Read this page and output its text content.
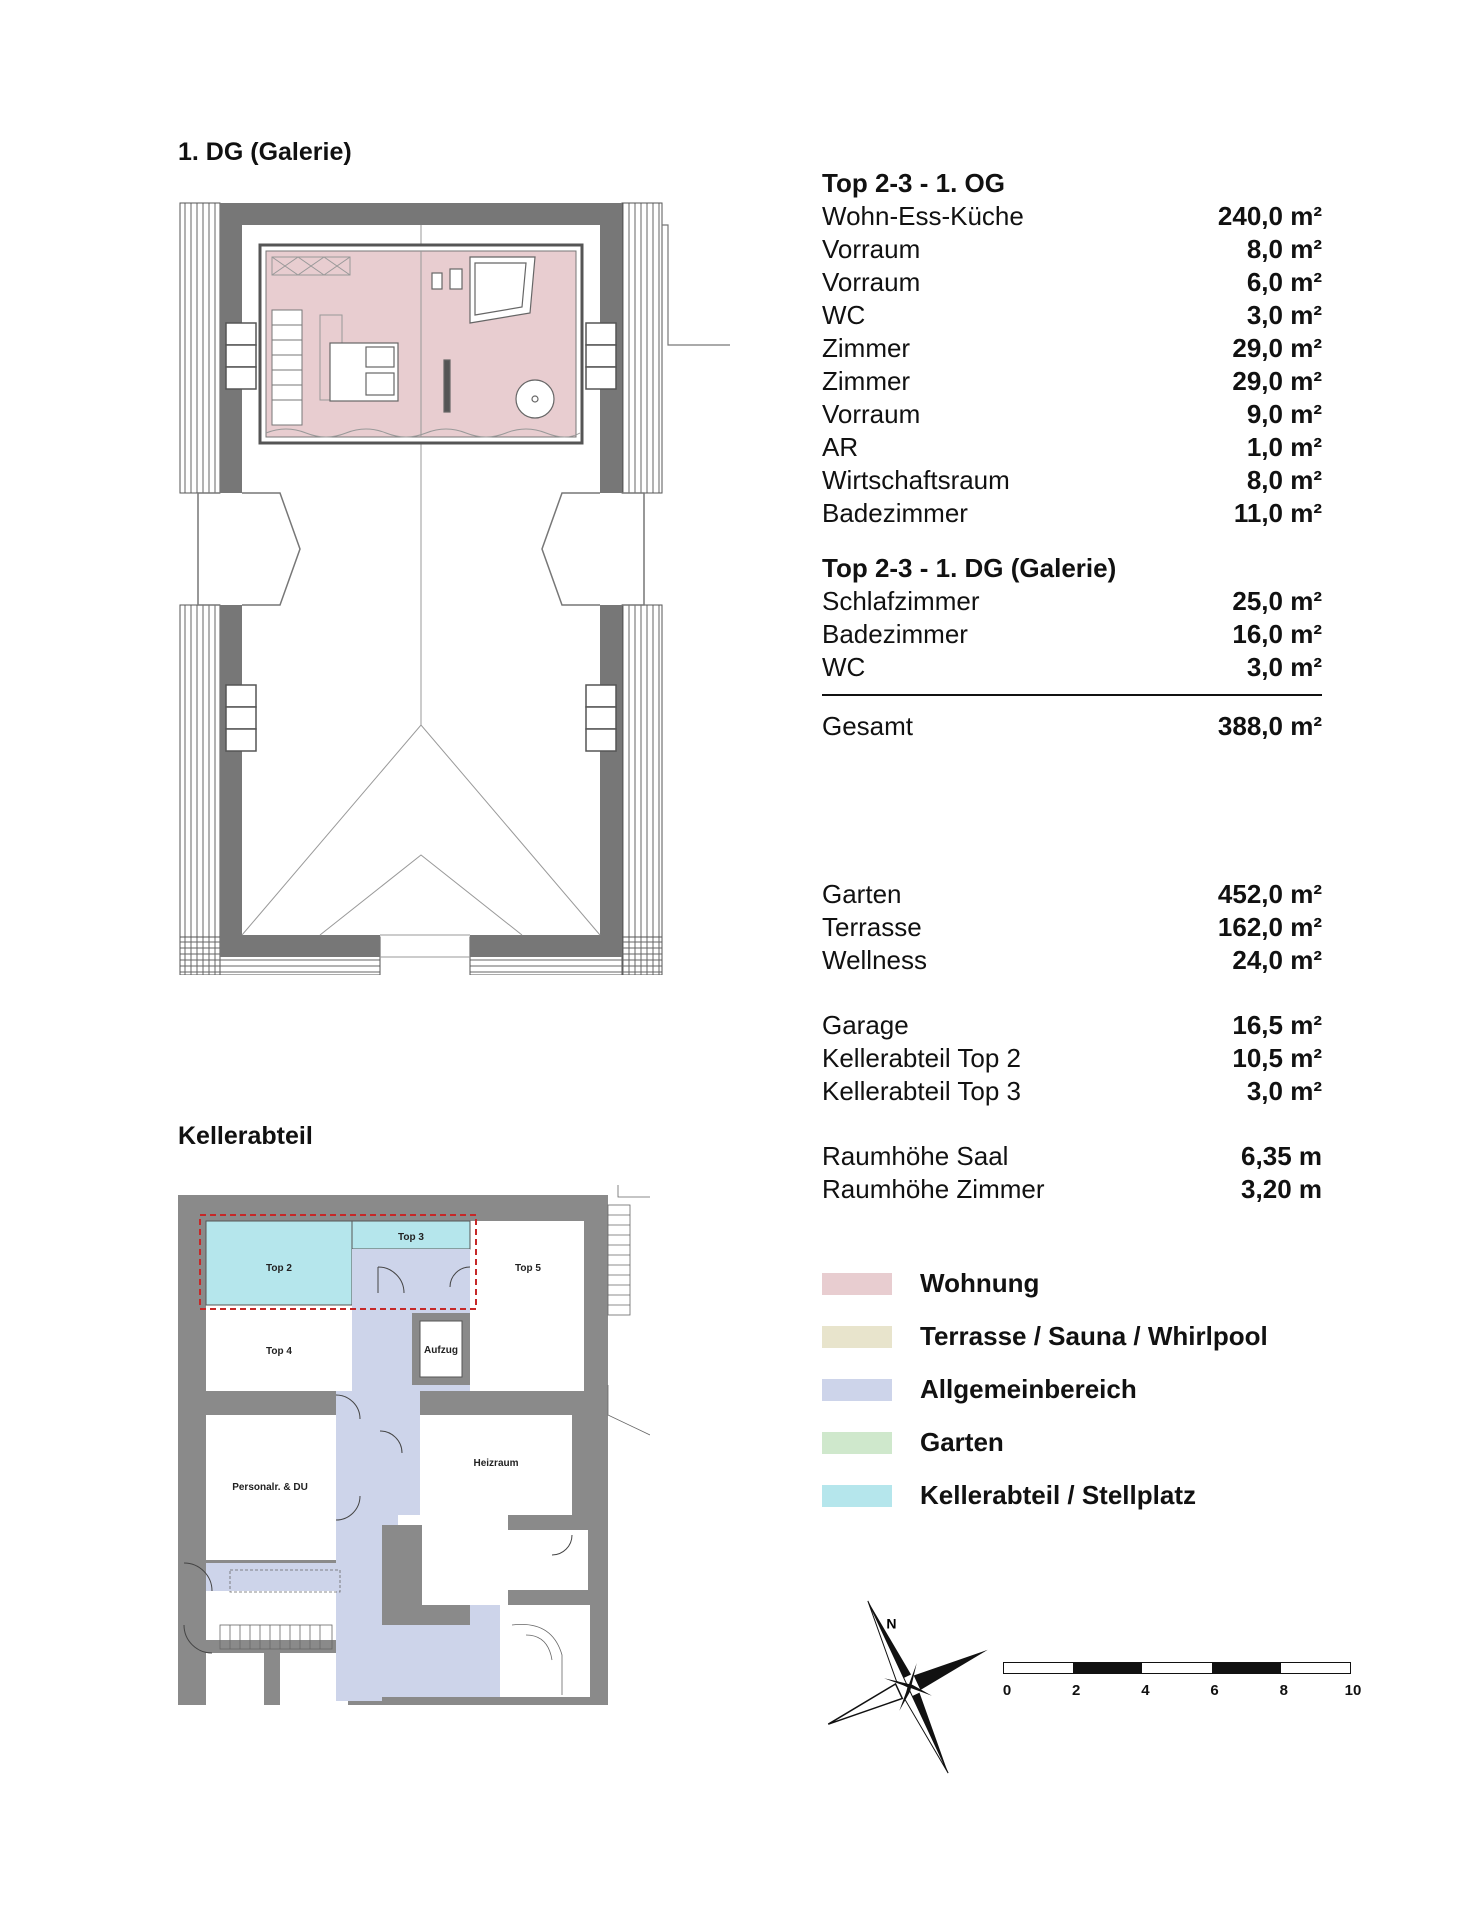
1. DG (Galerie)
Kellerabteil
Top 2
Top 3
Top 4
Top 5
Aufzug
Personalr. & DU
Heizraum
Top 2-3 - 1. OG
Wohn-Ess-Küche	240,0 m²
Vorraum	8,0 m²
Vorraum	6,0 m²
WC	3,0 m²
Zimmer	29,0 m²
Zimmer	29,0 m²
Vorraum	9,0 m²
AR	1,0 m²
Wirtschaftsraum	8,0 m²
Badezimmer	11,0 m²
Top 2-3 - 1. DG (Galerie)
Schlafzimmer	25,0 m²
Badezimmer	16,0 m²
WC	3,0 m²
Gesamt	388,0 m²
Garten	452,0 m²
Terrasse	162,0 m²
Wellness	24,0 m²
Garage	16,5 m²
Kellerabteil Top 2	10,5 m²
Kellerabteil Top 3	3,0 m²
Raumhöhe Saal	6,35 m
Raumhöhe Zimmer	3,20 m
Wohnung
Terrasse / Sauna / Whirlpool
Allgemeinbereich
Garten
Kellerabteil / Stellplatz
N
0	2	4	6	8	10
